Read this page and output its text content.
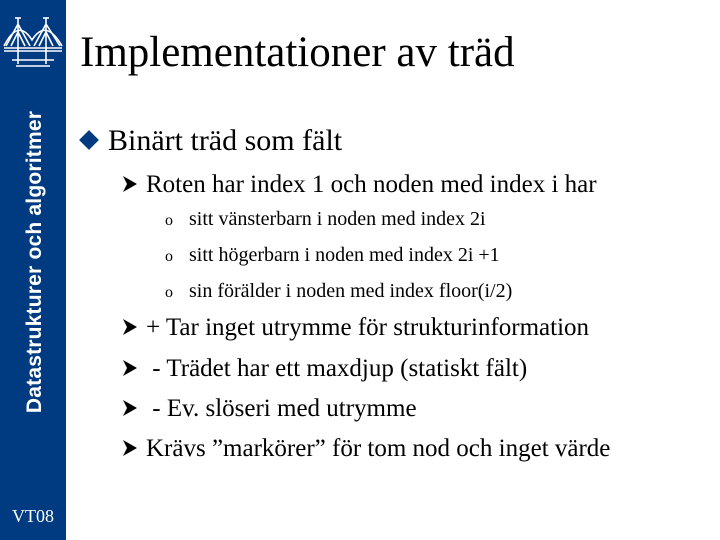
Datastrukturer och algoritmer
VT08
Implementationer av träd
Binärt träd som fält
Roten har index 1 och noden med index i har
o sitt vänsterbarn i noden med index 2i
o sitt högerbarn i noden med index 2i +1
o sin förälder i noden med index floor(i/2)
+ Tar inget utrymme för strukturinformation
- Trädet har ett maxdjup (statiskt fält)
- Ev. slöseri med utrymme
Krävs ”markörer” för tom nod och inget värde
